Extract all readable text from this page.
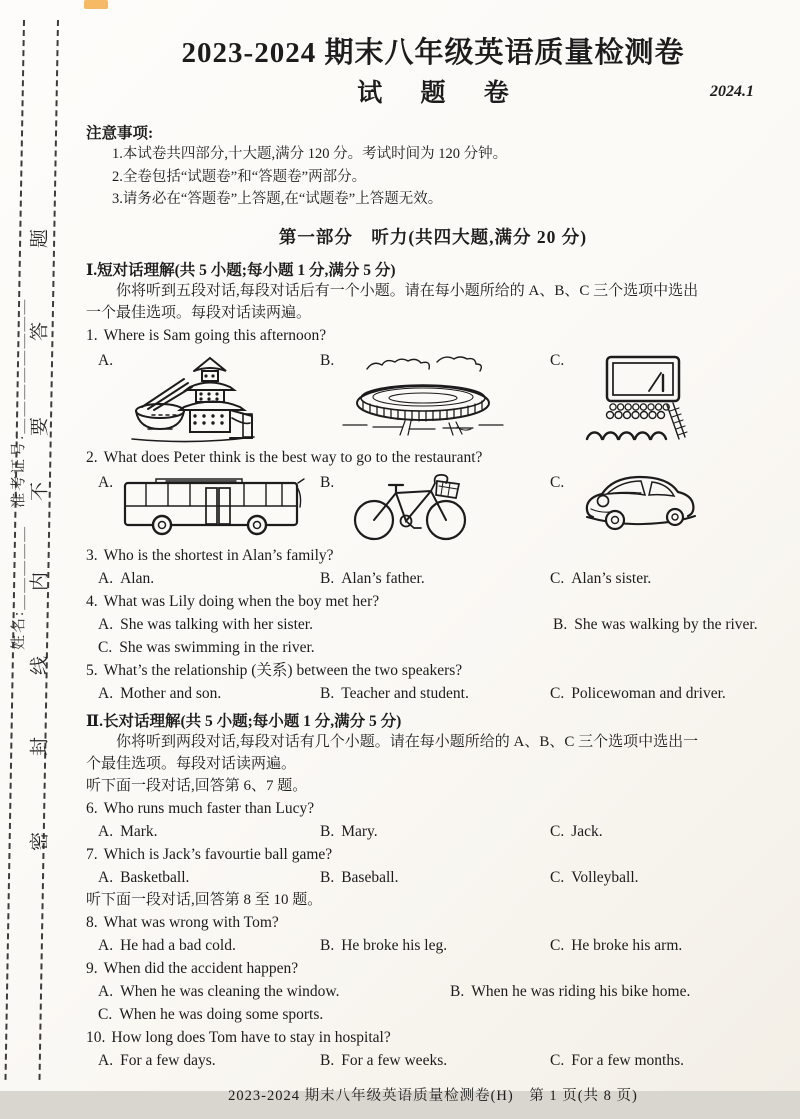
姓名:＿＿＿＿＿　准考证号:＿＿＿＿＿＿＿＿
题
答
要
不
内
线
封
密
2023-2024 期末八年级英语质量检测卷
试 题 卷	2024.1

注意事项:

1.本试卷共四部分,十大题,满分 120 分。考试时间为 120 分钟。

2.全卷包括“试题卷”和“答题卷”两部分。

3.请务必在“答题卷”上答题,在“试题卷”上答题无效。

第一部分　听力(共四大题,满分 20 分)

Ⅰ.短对话理解(共 5 小题;每小题 1 分,满分 5 分)

你将听到五段对话,每段对话后有一个小题。请在每小题所给的 A、B、C 三个选项中选出

一个最佳选项。每段对话读两遍。

1. Where is Sam going this afternoon?

A.	B.	C.

2. What does Peter think is the best way to go to the restaurant?

A.	B.	C.

3. Who is the shortest in Alan’s family?

A. Alan.	B. Alan’s father.	C. Alan’s sister.

4. What was Lily doing when the boy met her?

A. She was talking with her sister.	B. She was walking by the river.

C. She was swimming in the river.

5. What’s the relationship (关系) between the two speakers?

A. Mother and son.	B. Teacher and student.	C. Policewoman and driver.

Ⅱ.长对话理解(共 5 小题;每小题 1 分,满分 5 分)

你将听到两段对话,每段对话有几个小题。请在每小题所给的 A、B、C 三个选项中选出一

个最佳选项。每段对话读两遍。

听下面一段对话,回答第 6、7 题。

6. Who runs much faster than Lucy?

A. Mark.	B. Mary.	C. Jack.

7. Which is Jack’s favourtie ball game?

A. Basketball.	B. Baseball.	C. Volleyball.

听下面一段对话,回答第 8 至 10 题。

8. What was wrong with Tom?

A. He had a bad cold.	B. He broke his leg.	C. He broke his arm.

9. When did the accident happen?

A. When he was cleaning the window.	B. When he was riding his bike home.

C. When he was doing some sports.

10. How long does Tom have to stay in hospital?

A. For a few days.	B. For a few weeks.	C. For a few months.

2023-2024 期末八年级英语质量检测卷(H)　第 1 页(共 8 页)
